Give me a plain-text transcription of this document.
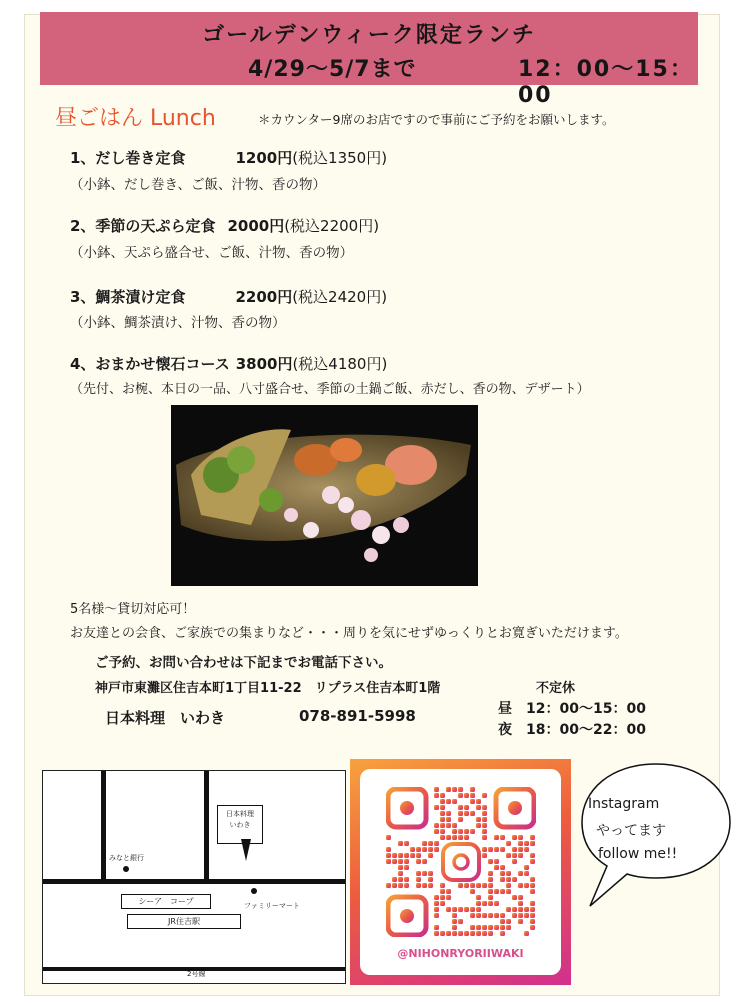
ゴールデンウィーク限定ランチ
4/29～5/7まで	12：00～15：00
昼ごはん Lunch	＊カウンター9席のお店ですので事前にご予約をお願いします。
1、だし巻き定食	1200円(税込1350円)
（小鉢、だし巻き、ご飯、汁物、香の物）
2、季節の天ぷら定食 2000円(税込2200円)
（小鉢、天ぷら盛合せ、ご飯、汁物、香の物）
3、鯛茶漬け定食	2200円(税込2420円)
（小鉢、鯛茶漬け、汁物、香の物）
4、おまかせ懐石コース 3800円(税込4180円)
（先付、お椀、本日の一品、八寸盛合せ、季節の土鍋ご飯、赤だし、香の物、デザート）
5名様～貸切対応可！
お友達との会食、ご家族での集まりなど・・・周りを気にせずゆっくりとお寛ぎいただけます。
ご予約、お問い合わせは下記までお電話下さい。
神戸市東灘区住吉本町1丁目11-22　リプラス住吉本町1階	不定休
日本料理　いわき	078-891-5998	昼　12：00～15：00
夜　18：00～22：00
日本料理
いわき
みなと銀行
シーア　コープ	ファミリーマート
JR住吉駅
2号線
@NIHONRYORIIWAKI
Instagram
やってます
follow me!!
